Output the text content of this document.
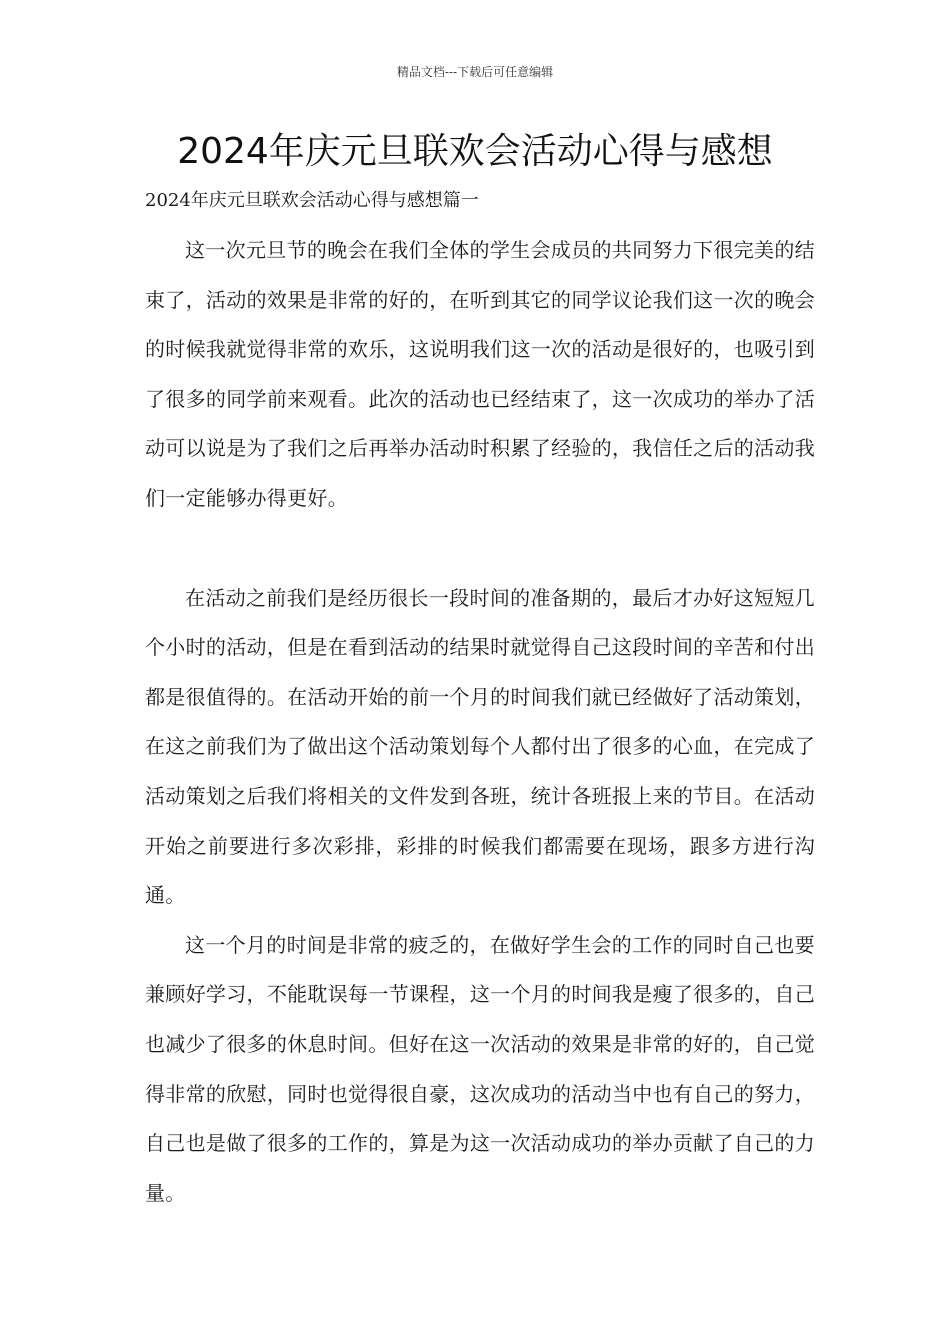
精品文档---下载后可任意编辑
2024年庆元旦联欢会活动心得与感想

2024年庆元旦联欢会活动心得与感想篇一

这一次元旦节的晚会在我们全体的学生会成员的共同努力下很完美的结束了，活动的效果是非常的好的，在听到其它的同学议论我们这一次的晚会的时候我就觉得非常的欢乐，这说明我们这一次的活动是很好的，也吸引到了很多的同学前来观看。此次的活动也已经结束了，这一次成功的举办了活动可以说是为了我们之后再举办活动时积累了经验的，我信任之后的活动我们一定能够办得更好。

在活动之前我们是经历很长一段时间的准备期的，最后才办好这短短几个小时的活动，但是在看到活动的结果时就觉得自己这段时间的辛苦和付出都是很值得的。在活动开始的前一个月的时间我们就已经做好了活动策划，在这之前我们为了做出这个活动策划每个人都付出了很多的心血，在完成了活动策划之后我们将相关的文件发到各班，统计各班报上来的节目。在活动开始之前要进行多次彩排，彩排的时候我们都需要在现场，跟多方进行沟通。

这一个月的时间是非常的疲乏的，在做好学生会的工作的同时自己也要兼顾好学习，不能耽误每一节课程，这一个月的时间我是瘦了很多的，自己也减少了很多的休息时间。但好在这一次活动的效果是非常的好的，自己觉得非常的欣慰，同时也觉得很自豪，这次成功的活动当中也有自己的努力，自己也是做了很多的工作的，算是为这一次活动成功的举办贡献了自己的力量。
